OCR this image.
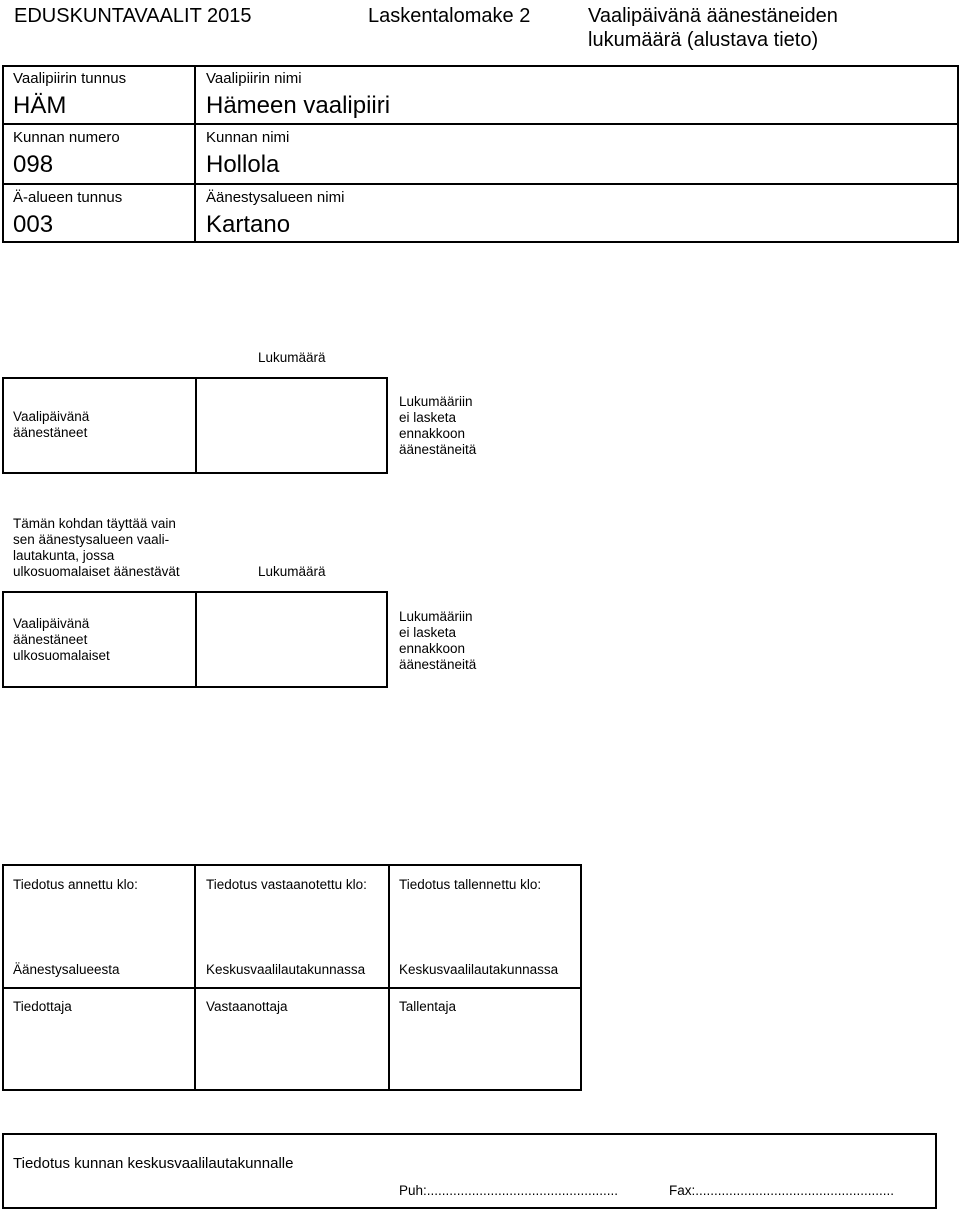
EDUSKUNTAVAALIT 2015	Laskentalomake 2	Vaalipäivänä äänestäneiden
lukumäärä (alustava tieto)
Vaalipiirin tunnus
HÄM
Vaalipiirin nimi
Hämeen vaalipiiri
Kunnan numero
098
Kunnan nimi
Hollola
Ä-alueen tunnus
003
Äänestysalueen nimi
Kartano
Lukumäärä
Vaalipäivänä
äänestäneet
Lukumääriin
ei lasketa
ennakkoon
äänestäneitä
Tämän kohdan täyttää vain
sen äänestysalueen vaali-
lautakunta, jossa
ulkosuomalaiset äänestävät	Lukumäärä
Vaalipäivänä
äänestäneet
ulkosuomalaiset
Lukumääriin
ei lasketa
ennakkoon
äänestäneitä
Tiedotus annettu klo:	Tiedotus vastaanotettu klo: Tiedotus tallennettu klo:
Äänestysalueesta	Keskusvaalilautakunnassa	Keskusvaalilautakunnassa
Tiedottaja	Vastaanottaja	Tallentaja
Tiedotus kunnan keskusvaalilautakunnalle
Puh:...................................................	Fax:.....................................................
